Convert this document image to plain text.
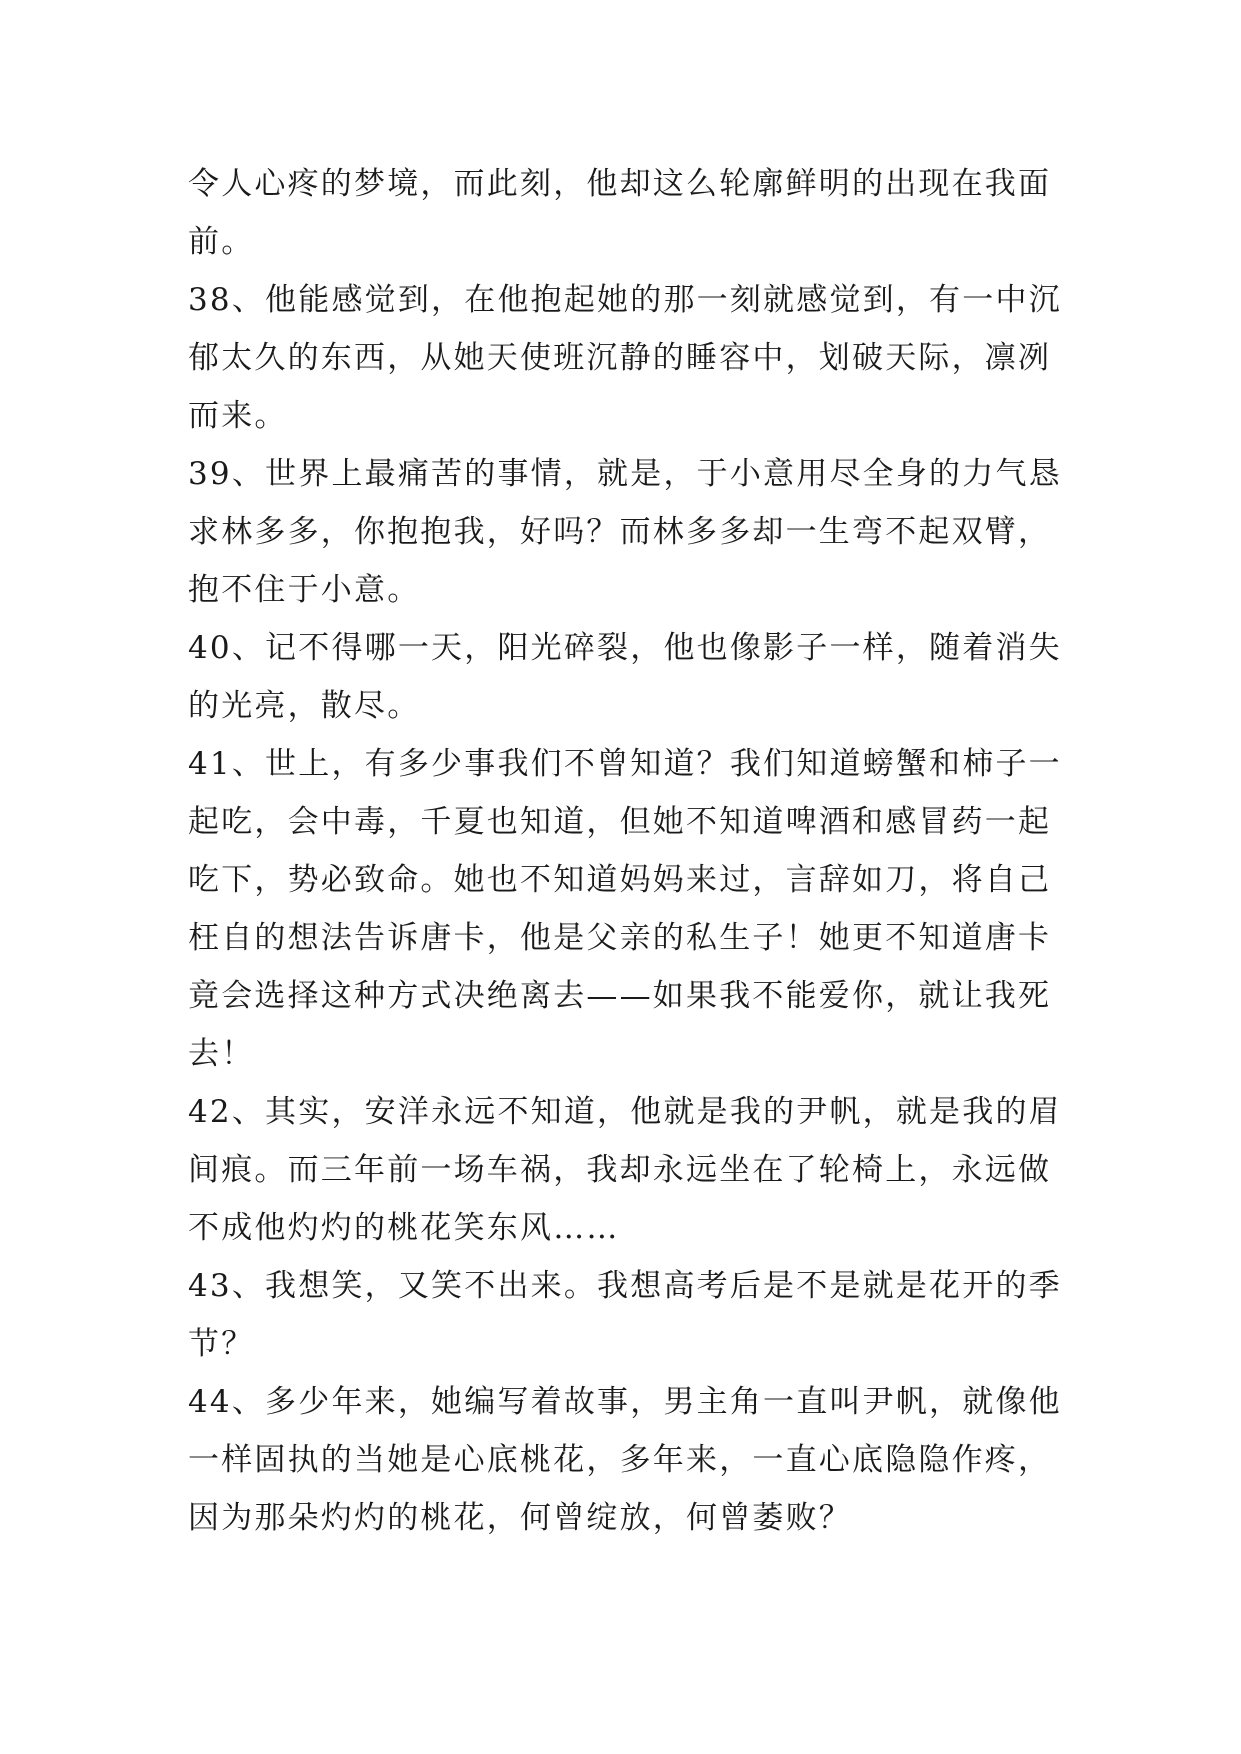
令人心疼的梦境，而此刻，他却这么轮廓鲜明的出现在我面
前。
38、他能感觉到，在他抱起她的那一刻就感觉到，有一中沉
郁太久的东西，从她天使班沉静的睡容中，划破天际，凛冽
而来。
39、世界上最痛苦的事情，就是，于小意用尽全身的力气恳
求林多多，你抱抱我，好吗？而林多多却一生弯不起双臂，
抱不住于小意。
40、记不得哪一天，阳光碎裂，他也像影子一样，随着消失
的光亮，散尽。
41、世上，有多少事我们不曾知道？我们知道螃蟹和柿子一
起吃，会中毒，千夏也知道，但她不知道啤酒和感冒药一起
吃下，势必致命。她也不知道妈妈来过，言辞如刀，将自己
枉自的想法告诉唐卡，他是父亲的私生子！她更不知道唐卡
竟会选择这种方式决绝离去——如果我不能爱你，就让我死
去！
42、其实，安洋永远不知道，他就是我的尹帆，就是我的眉
间痕。而三年前一场车祸，我却永远坐在了轮椅上，永远做
不成他灼灼的桃花笑东风……
43、我想笑，又笑不出来。我想高考后是不是就是花开的季
节？
44、多少年来，她编写着故事，男主角一直叫尹帆，就像他
一样固执的当她是心底桃花，多年来，一直心底隐隐作疼，
因为那朵灼灼的桃花，何曾绽放，何曾萎败？
